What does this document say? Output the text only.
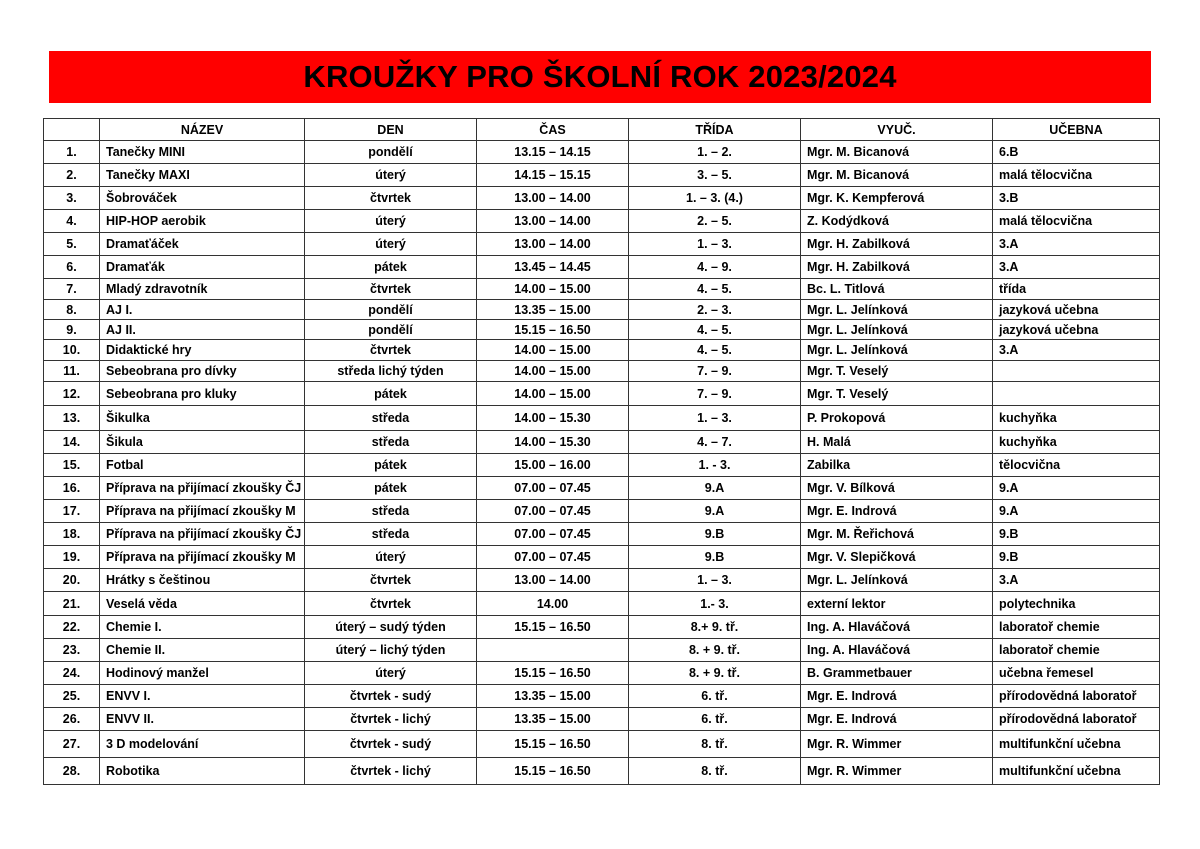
KROUŽKY PRO ŠKOLNÍ ROK 2023/2024
	NÁZEV	DEN	ČAS	TŘÍDA	VYUČ.	UČEBNA
1.	Tanečky MINI	pondělí	13.15 – 14.15	1. – 2.	Mgr. M. Bicanová	6.B
2.	Tanečky MAXI	úterý	14.15 – 15.15	3. – 5.	Mgr. M. Bicanová	malá tělocvična
3.	Šobrováček	čtvrtek	13.00 – 14.00	1. – 3. (4.)	Mgr. K. Kempferová	3.B
4.	HIP-HOP aerobik	úterý	13.00 – 14.00	2. – 5.	Z. Kodýdková	malá tělocvična
5.	Dramaťáček	úterý	13.00 – 14.00	1. – 3.	Mgr. H. Zabilková	3.A
6.	Dramaťák	pátek	13.45 – 14.45	4. – 9.	Mgr. H. Zabilková	3.A
7.	Mladý zdravotník	čtvrtek	14.00 – 15.00	4. – 5.	Bc. L. Titlová	třída
8.	AJ I.	pondělí	13.35 – 15.00	2. – 3.	Mgr. L. Jelínková	jazyková učebna
9.	AJ II.	pondělí	15.15 – 16.50	4. – 5.	Mgr. L. Jelínková	jazyková učebna
10.	Didaktické hry	čtvrtek	14.00 – 15.00	4. – 5.	Mgr. L. Jelínková	3.A
11.	Sebeobrana pro dívky	středa lichý týden	14.00 – 15.00	7. – 9.	Mgr. T. Veselý	
12.	Sebeobrana pro kluky	pátek	14.00 – 15.00	7. – 9.	Mgr. T. Veselý	
13.	Šikulka	středa	14.00 – 15.30	1. – 3.	P. Prokopová	kuchyňka
14.	Šikula	středa	14.00 – 15.30	4. – 7.	H. Malá	kuchyňka
15.	Fotbal	pátek	15.00 – 16.00	1. - 3.	Zabilka	tělocvična
16.	Příprava na přijímací zkoušky ČJ	pátek	07.00 – 07.45	9.A	Mgr. V. Bílková	9.A
17.	Příprava na přijímací zkoušky M	středa	07.00 – 07.45	9.A	Mgr. E. Indrová	9.A
18.	Příprava na přijímací zkoušky ČJ	středa	07.00 – 07.45	9.B	Mgr. M. Řeřichová	9.B
19.	Příprava na přijímací zkoušky M	úterý	07.00 – 07.45	9.B	Mgr. V. Slepičková	9.B
20.	Hrátky s češtinou	čtvrtek	13.00 – 14.00	1. – 3.	Mgr. L. Jelínková	3.A
21.	Veselá věda	čtvrtek	14.00	1.- 3.	externí lektor	polytechnika
22.	Chemie I.	úterý – sudý týden	15.15 – 16.50	8.+ 9. tř.	Ing. A. Hlaváčová	laboratoř chemie
23.	Chemie II.	úterý – lichý týden		8. + 9. tř.	Ing. A. Hlaváčová	laboratoř chemie
24.	Hodinový manžel	úterý	15.15 – 16.50	8. + 9. tř.	B. Grammetbauer	učebna řemesel
25.	ENVV I.	čtvrtek - sudý	13.35 – 15.00	6. tř.	Mgr. E. Indrová	přírodovědná laboratoř
26.	ENVV II.	čtvrtek - lichý	13.35 – 15.00	6. tř.	Mgr. E. Indrová	přírodovědná laboratoř
27.	3 D modelování	čtvrtek - sudý	15.15 – 16.50	8. tř.	Mgr. R. Wimmer	multifunkční učebna
28.	Robotika	čtvrtek - lichý	15.15 – 16.50	8. tř.	Mgr. R. Wimmer	multifunkční učebna
